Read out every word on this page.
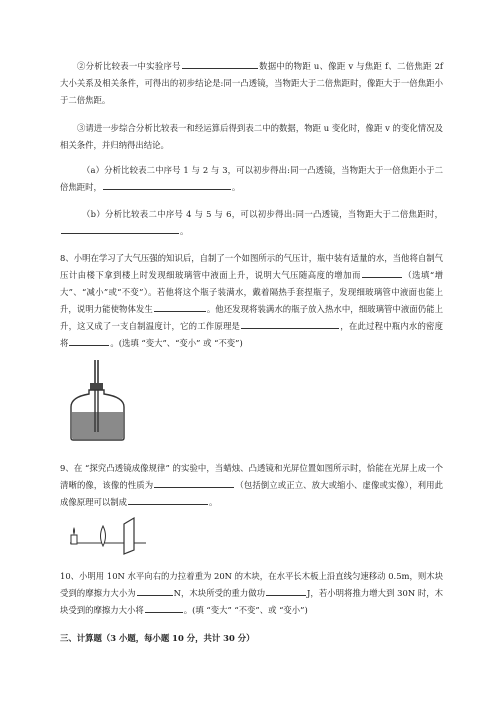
②分析比较表一中实验序号	数据中的物距 u、像距 v 与焦距 f、二倍焦距 2f 大小关系及相关条件，可得出的初步结论是:同一凸透镜，当物距大于二倍焦距时，像距大于一倍焦距小于二倍焦距。

③请进一步综合分析比较表一和经运算后得到表二中的数据，物距 u 变化时，像距 v 的变化情况及相关条件，并归纳得出结论。

（a）分析比较表二中序号 1 与 2 与 3，可以初步得出:同一凸透镜，当物距大于一倍焦距小于二倍焦距时，	。

（b）分析比较表二中序号 4 与 5 与 6，可以初步得出:同一凸透镜，当物距大于二倍焦距时，。

8、小明在学习了大气压强的知识后，自制了一个如图所示的气压计，瓶中装有适量的水，当他将自制气压计由楼下拿到楼上时发现细玻璃管中液面上升，说明大气压随高度的增加而	（选填“增大”、“减小”或“不变”）。若他将这个瓶子装满水，戴着隔热手套捏瓶子，发现细玻璃管中液面也能上升，说明力能使物体发生	。他还发现将装满水的瓶子放入热水中，细玻璃管中液面仍能上升，这又成了一支自制温度计，它的工作原理是	，在此过程中瓶内水的密度将	。(选填 “变大”、“变小” 或 “不变”)

9、在 “探究凸透镜成像规律” 的实验中，当蜡烛、凸透镜和光屏位置如图所示时，恰能在光屏上成一个清晰的像，该像的性质为	（包括倒立或正立、放大或缩小、虚像或实像），利用此成像原理可以制成	。

10、小明用 10N 水平向右的力拉着重为 20N 的木块，在水平长木板上沿直线匀速移动 0.5m，则木块受到的摩擦力大小为	N，木块所受的重力做功	J，若小明将推力增大到 30N 时，木块受到的摩擦力大小将	。(填 “变大” “不变”、或 “变小”)

三、计算题（3 小题，每小题 10 分，共计 30 分）
